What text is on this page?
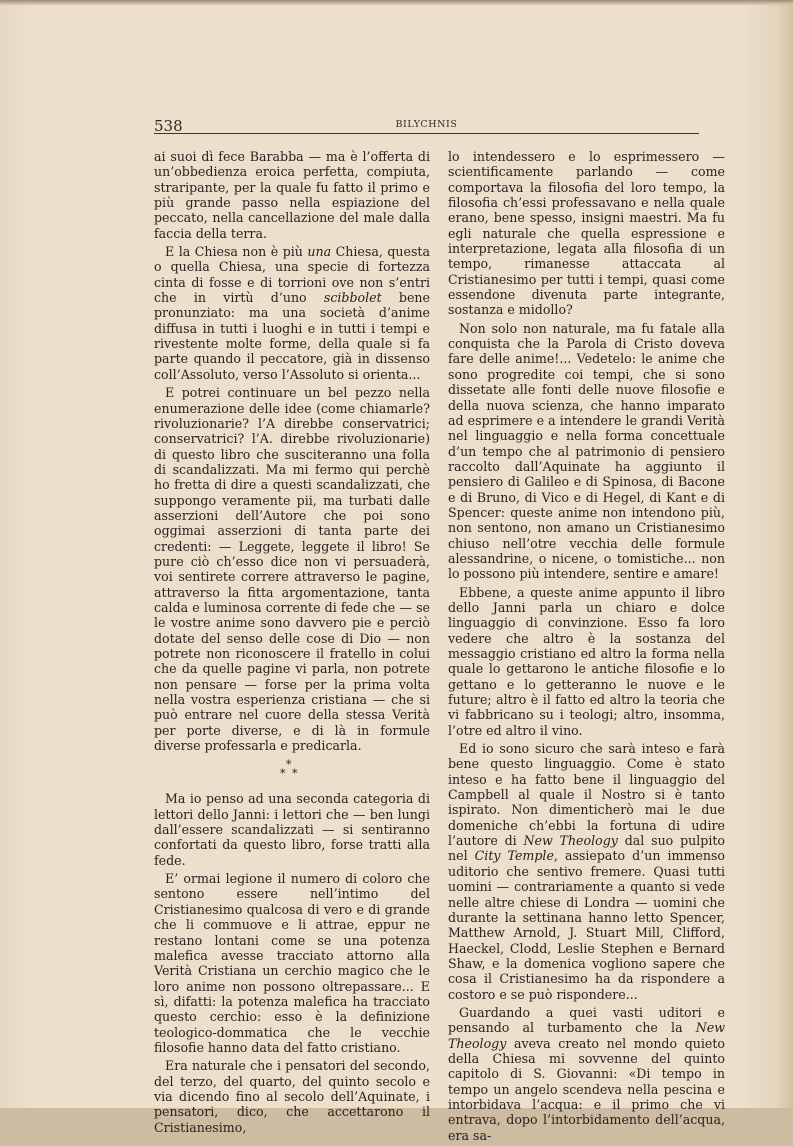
538	BILYCHNIS

ai suoi dì fece Barabba — ma è l’offerta di un’obbedienza eroica perfetta, compiuta, straripante, per la quale fu fatto il primo e più grande passo nella espiazione del peccato, nella cancellazione del male dalla faccia della terra.

E la Chiesa non è più una Chiesa, questa o quella Chiesa, una specie di fortezza cinta di fosse e di torrioni ove non s’entri che in virtù d’uno scibbolet bene pronunziato: ma una società d’anime diffusa in tutti i luoghi e in tutti i tempi e rivestente molte forme, della quale si fa parte quando il peccatore, già in dissenso coll’Assoluto, verso l’Assoluto si orienta...

E potrei continuare un bel pezzo nella enumerazione delle idee (come chiamarle? rivoluzionarie? l’A direbbe conservatrici; conservatrici? l’A. direbbe rivoluzionarie) di questo libro che susciteranno una folla di scandalizzati. Ma mi fermo qui perchè ho fretta di dire a questi scandalizzati, che suppongo veramente pii, ma turbati dalle asserzioni dell’Autore che poi sono oggimai asserzioni di tanta parte dei credenti: — Leggete, leggete il libro! Se pure ciò ch’esso dice non vi persuaderà, voi sentirete correre attraverso le pagine, attraverso la fitta argomentazione, tanta calda e luminosa corrente di fede che — se le vostre anime sono davvero pie e perciò dotate del senso delle cose di Dio — non potrete non riconoscere il fratello in colui che da quelle pagine vi parla, non potrete non pensare — forse per la prima volta nella vostra esperienza cristiana — che si può entrare nel cuore della stessa Verità per porte diverse, e di là in formule diverse professarla e predicarla.

*
* *

Ma io penso ad una seconda categoria di lettori dello Janni: i lettori che — ben lungi dall’essere scandalizzati — si sentiranno confortati da questo libro, forse tratti alla fede.

E’ ormai legione il numero di coloro che sentono essere nell’intimo del Cristianesimo qualcosa di vero e di grande che li commuove e li attrae, eppur ne restano lontani come se una potenza malefica avesse tracciato attorno alla Verità Cristiana un cerchio magico che le loro anime non possono oltrepassare... E sì, difatti: la potenza malefica ha tracciato questo cerchio: esso è la definizione teologico-dommatica che le vecchie filosofie hanno data del fatto cristiano.

Era naturale che i pensatori del secondo, del terzo, del quarto, del quinto secolo e via dicendo fino al secolo dell’Aquinate, i pensatori, dico, che accettarono il Cristianesimo,

lo intendessero e lo esprimessero — scientificamente parlando — come comportava la filosofia del loro tempo, la filosofia ch’essi professavano e nella quale erano, bene spesso, insigni maestri. Ma fu egli naturale che quella espressione e interpretazione, legata alla filosofia di un tempo, rimanesse attaccata al Cristianesimo per tutti i tempi, quasi come essendone divenuta parte integrante, sostanza e midollo?

Non solo non naturale, ma fu fatale alla conquista che la Parola di Cristo doveva fare delle anime!... Vedetelo: le anime che sono progredite coi tempi, che si sono dissetate alle fonti delle nuove filosofie e della nuova scienza, che hanno imparato ad esprimere e a intendere le grandi Verità nel linguaggio e nella forma concettuale d’un tempo che al patrimonio di pensiero raccolto dall’Aquinate ha aggiunto il pensiero di Galileo e di Spinosa, di Bacone e di Bruno, di Vico e di Hegel, di Kant e di Spencer: queste anime non intendono più, non sentono, non amano un Cristianesimo chiuso nell’otre vecchia delle formule alessandrine, o nicene, o tomistiche... non lo possono più intendere, sentire e amare!

Ebbene, a queste anime appunto il libro dello Janni parla un chiaro e dolce linguaggio di convinzione. Esso fa loro vedere che altro è la sostanza del messaggio cristiano ed altro la forma nella quale lo gettarono le antiche filosofie e lo gettano e lo getteranno le nuove e le future; altro è il fatto ed altro la teoria che vi fabbricano su i teologi; altro, insomma, l’otre ed altro il vino.

Ed io sono sicuro che sarà inteso e farà bene questo linguaggio. Come è stato inteso e ha fatto bene il linguaggio del Campbell al quale il Nostro si è tanto ispirato. Non dimenticherò mai le due domeniche ch’ebbi la fortuna di udire l’autore di New Theology dal suo pulpito nel City Temple, assiepato d’un immenso uditorio che sentivo fremere. Quasi tutti uomini — contrariamente a quanto si vede nelle altre chiese di Londra — uomini che durante la settinana hanno letto Spencer, Matthew Arnold, J. Stuart Mill, Clifford, Haeckel, Clodd, Leslie Stephen e Bernard Shaw, e la domenica vogliono sapere che cosa il Cristianesimo ha da rispondere a costoro e se può rispondere...

Guardando a quei vasti uditori e pensando al turbamento che la New Theology aveva creato nel mondo quieto della Chiesa mi sovvenne del quinto capitolo di S. Giovanni: «Di tempo in tempo un angelo scendeva nella pescina e intorbidava l’acqua: e il primo che vi entrava, dopo l’intorbidamento dell’acqua, era sa-
